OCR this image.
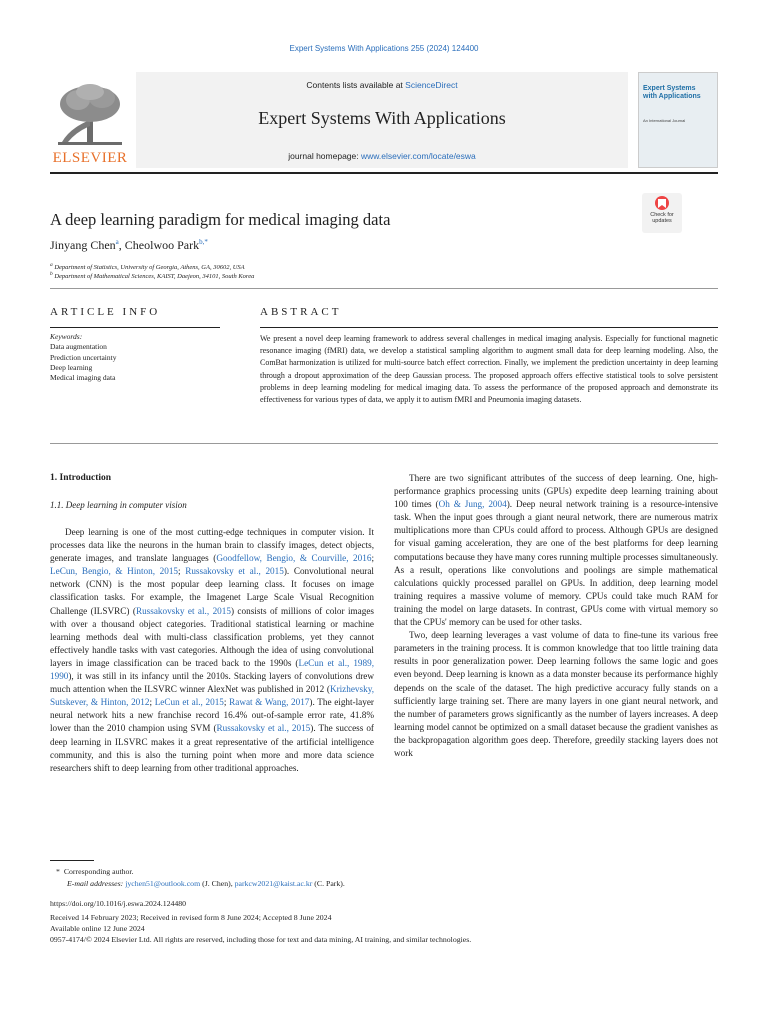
Expert Systems With Applications 255 (2024) 124400
ELSEVIER
Contents lists available at ScienceDirect
Expert Systems With Applications
journal homepage: www.elsevier.com/locate/eswa
Expert Systems with Applications
An International Journal
Check for updates
A deep learning paradigm for medical imaging data
Jinyang Chen$^a$, Cheolwoo Park$^{b,*}$
$^a$ Department of Statistics, University of Georgia, Athens, GA, 30602, USA
$^b$ Department of Mathematical Sciences, KAIST, Daejeon, 34101, South Korea
ARTICLE INFO	ABSTRACT
Keywords:
Data augmentation
Prediction uncertainty
Deep learning
Medical imaging data
We present a novel deep learning framework to address several challenges in medical imaging analysis. Especially for functional magnetic resonance imaging (fMRI) data, we develop a statistical sampling algorithm to augment small data for deep learning modeling. Also, the ComBat harmonization is utilized for multi-source batch effect correction. Finally, we implement the prediction uncertainty in deep learning through a dropout approximation of the deep Gaussian process. The proposed approach offers effective statistical tools to solve persistent problems in deep learning modeling for medical imaging data. To assess the performance of the proposed approach and demonstrate its effectiveness for various types of data, we apply it to autism fMRI and Pneumonia imaging datasets.
1. Introduction
1.1. Deep learning in computer vision

Deep learning is one of the most cutting-edge techniques in computer vision. It processes data like the neurons in the human brain to classify images, detect objects, generate images, and translate languages (Goodfellow, Bengio, & Courville, 2016; LeCun, Bengio, & Hinton, 2015; Russakovsky et al., 2015). Convolutional neural network (CNN) is the most popular deep learning class. It focuses on image classification tasks. For example, the Imagenet Large Scale Visual Recognition Challenge (ILSVRC) (Russakovsky et al., 2015) consists of millions of color images with over a thousand object categories. Traditional statistical learning or machine learning methods deal with multi-class classification problems, yet they cannot effectively handle tasks with vast categories. Although the idea of using convolutional layers in image classification can be traced back to the 1990s (LeCun et al., 1989, 1990), it was still in its infancy until the 2010s. Stacking layers of convolutions drew much attention when the ILSVRC winner AlexNet was published in 2012 (Krizhevsky, Sutskever, & Hinton, 2012; LeCun et al., 2015; Rawat & Wang, 2017). The eight-layer neural network hits a new franchise record 16.4% out-of-sample error rate, 41.8% lower than the 2010 champion using SVM (Russakovsky et al., 2015). The success of deep learning in ILSVRC makes it a great representative of the artificial intelligence community, and this is also the turning point when more and more data science researchers shift to deep learning from other traditional approaches.

There are two significant attributes of the success of deep learning. One, high-performance graphics processing units (GPUs) expedite deep learning training about 100 times (Oh & Jung, 2004). Deep neural network training is a resource-intensive task. When the input goes through a giant neural network, there are numerous matrix multiplications more than CPUs could afford to process. Although GPUs are designed for visual gaming acceleration, they are one of the best platforms for deep learning computations because they have many cores running multiple processes simultaneously. As a result, operations like convolutions and poolings are simple mathematical calculations quickly processed parallel on GPUs. In addition, deep learning model training requires a massive volume of memory. CPUs could take much RAM for training the model on large datasets. In contrast, GPUs come with virtual memory so that the CPUs' memory can be used for other tasks.

Two, deep learning leverages a vast volume of data to fine-tune its various free parameters in the training process. It is common knowledge that too little training data results in poor generalization power. Deep learning follows the same logic and goes even beyond. Deep learning is known as a data monster because its performance highly depends on the scale of the dataset. The high predictive accuracy fully stands on a sufficiently large training set. There are many layers in one giant neural network, and the number of parameters grows significantly as the number of layers increases. A deep learning model cannot be optimized on a small dataset because the gradient vanishes as the backpropagation algorithm goes deep. Therefore, greedily stacking layers does not work

* Corresponding author.
E-mail addresses: jychen51@outlook.com (J. Chen), parkcw2021@kaist.ac.kr (C. Park).
https://doi.org/10.1016/j.eswa.2024.124480
Received 14 February 2023; Received in revised form 8 June 2024; Accepted 8 June 2024
Available online 12 June 2024
0957-4174/© 2024 Elsevier Ltd. All rights are reserved, including those for text and data mining, AI training, and similar technologies.
